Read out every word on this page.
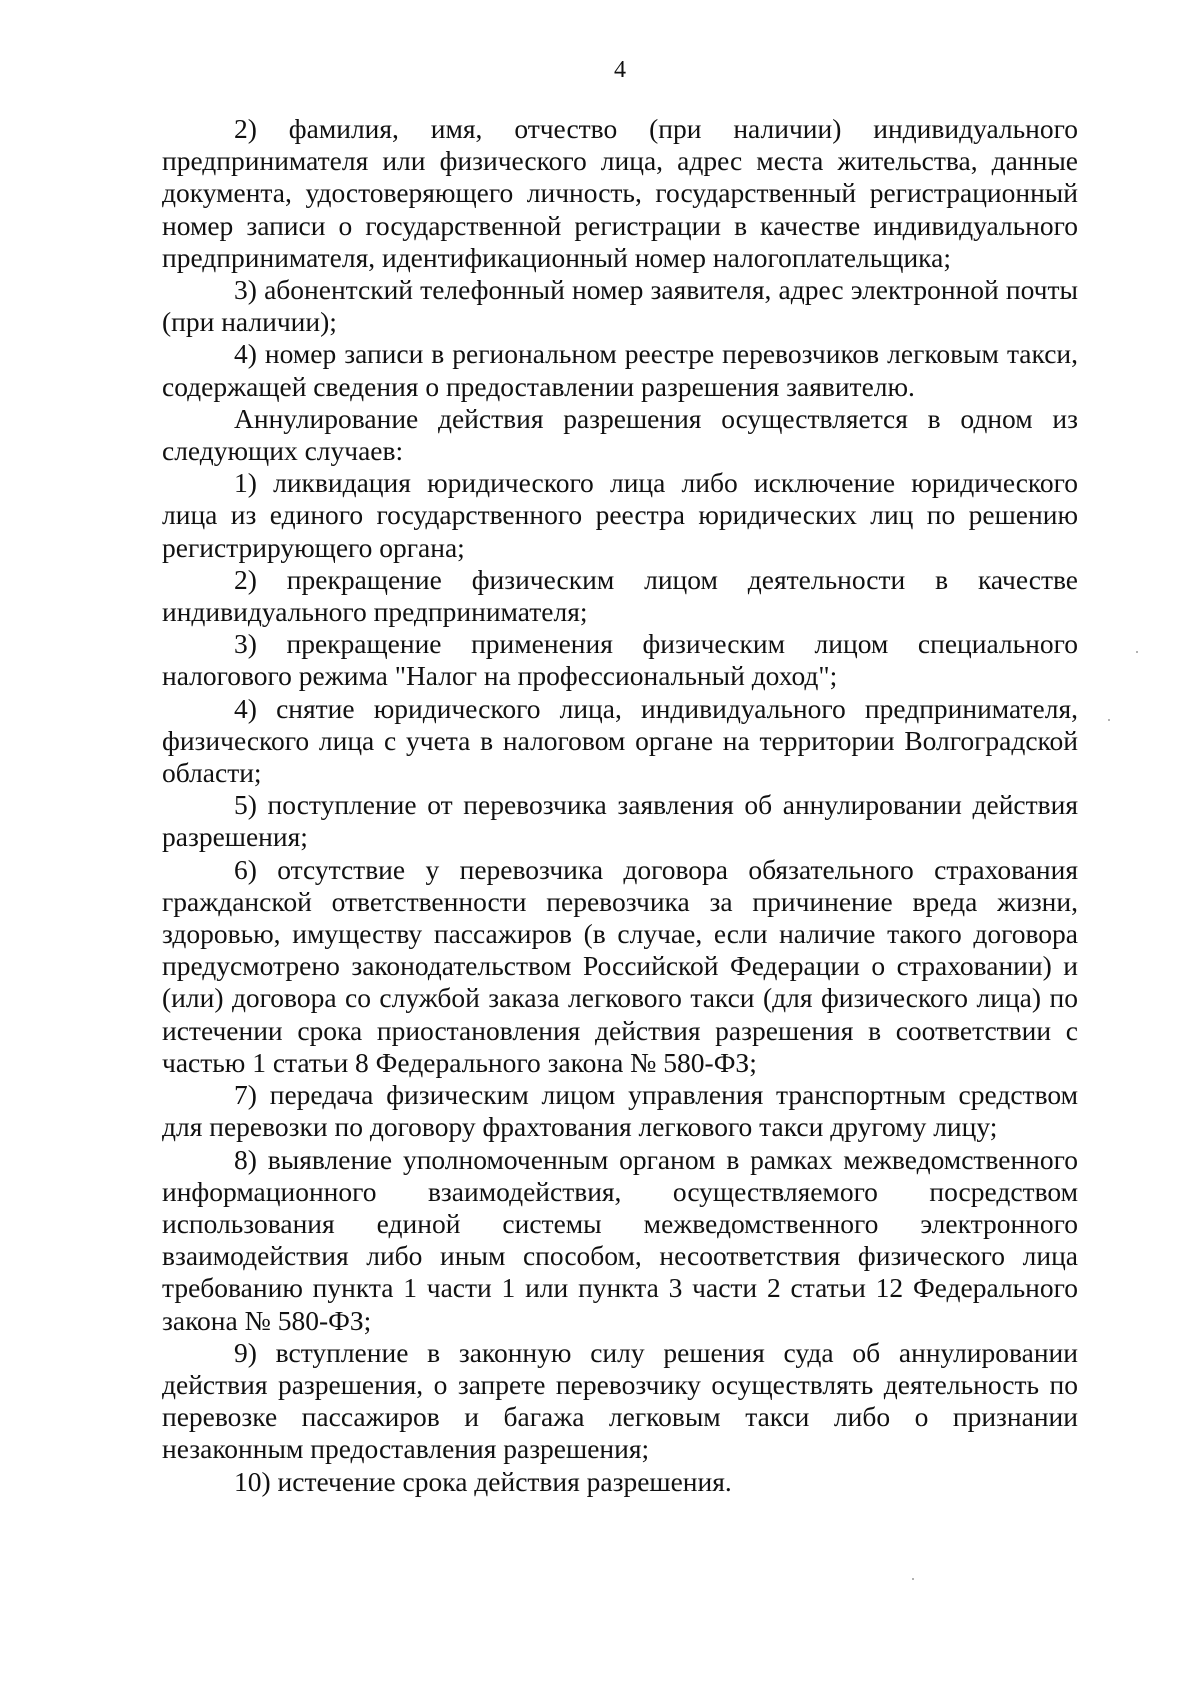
4

2) фамилия, имя, отчество (при наличии) индивидуального предпринимателя или физического лица, адрес места жительства, данные документа, удостоверяющего личность, государственный регистрационный номер записи о государственной регистрации в качестве индивидуального предпринимателя, идентификационный номер налогоплательщика;

3) абонентский телефонный номер заявителя, адрес электронной почты (при наличии);

4) номер записи в региональном реестре перевозчиков легковым такси, содержащей сведения о предоставлении разрешения заявителю.

Аннулирование действия разрешения осуществляется в одном из следующих случаев:

1) ликвидация юридического лица либо исключение юридического лица из единого государственного реестра юридических лиц по решению регистрирующего органа;

2) прекращение физическим лицом деятельности в качестве индивидуального предпринимателя;

3) прекращение применения физическим лицом специального налогового режима "Налог на профессиональный доход";

4) снятие юридического лица, индивидуального предпринимателя, физического лица с учета в налоговом органе на территории Волгоградской области;

5) поступление от перевозчика заявления об аннулировании действия разрешения;

6) отсутствие у перевозчика договора обязательного страхования гражданской ответственности перевозчика за причинение вреда жизни, здоровью, имуществу пассажиров (в случае, если наличие такого договора предусмотрено законодательством Российской Федерации о страховании) и (или) договора со службой заказа легкового такси (для физического лица) по истечении срока приостановления действия разрешения в соответствии с частью 1 статьи 8 Федерального закона № 580-ФЗ;

7) передача физическим лицом управления транспортным средством для перевозки по договору фрахтования легкового такси другому лицу;

8) выявление уполномоченным органом в рамках межведомственного информационного взаимодействия, осуществляемого посредством использования единой системы межведомственного электронного взаимодействия либо иным способом, несоответствия физического лица требованию пункта 1 части 1 или пункта 3 части 2 статьи 12 Федерального закона № 580-ФЗ;

9) вступление в законную силу решения суда об аннулировании действия разрешения, о запрете перевозчику осуществлять деятельность по перевозке пассажиров и багажа легковым такси либо о признании незаконным предоставления разрешения;

10) истечение срока действия разрешения.
